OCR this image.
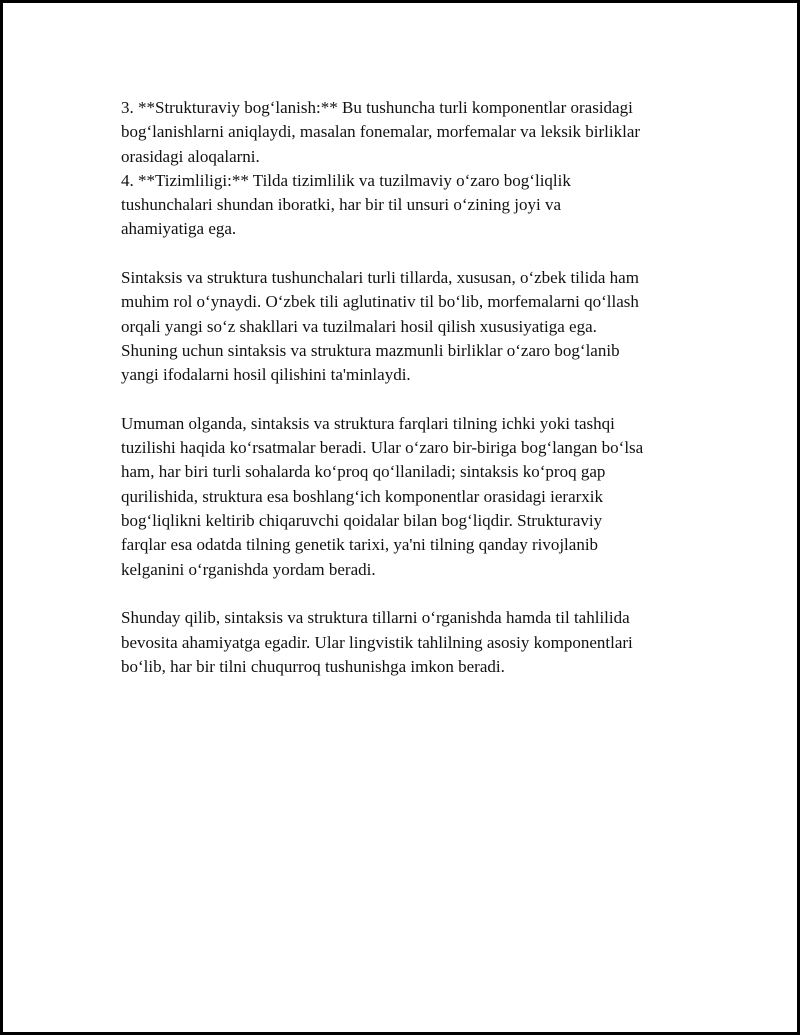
3. **Strukturaviy bog‘lanish:** Bu tushuncha turli komponentlar orasidagi
bog‘lanishlarni aniqlaydi, masalan fonemalar, morfemalar va leksik birliklar
orasidagi aloqalarni.
4. **Tizimliligi:** Tilda tizimlilik va tuzilmaviy o‘zaro bog‘liqlik
tushunchalari shundan iboratki, har bir til unsuri o‘zining joyi va
ahamiyatiga ega.

Sintaksis va struktura tushunchalari turli tillarda, xususan, o‘zbek tilida ham
muhim rol o‘ynaydi. O‘zbek tili aglutinativ til bo‘lib, morfemalarni qo‘llash
orqali yangi so‘z shakllari va tuzilmalari hosil qilish xususiyatiga ega.
Shuning uchun sintaksis va struktura mazmunli birliklar o‘zaro bog‘lanib
yangi ifodalarni hosil qilishini ta'minlaydi.

Umuman olganda, sintaksis va struktura farqlari tilning ichki yoki tashqi
tuzilishi haqida ko‘rsatmalar beradi. Ular o‘zaro bir-biriga bog‘langan bo‘lsa
ham, har biri turli sohalarda ko‘proq qo‘llaniladi; sintaksis ko‘proq gap
qurilishida, struktura esa boshlang‘ich komponentlar orasidagi ierarxik
bog‘liqlikni keltirib chiqaruvchi qoidalar bilan bog‘liqdir. Strukturaviy
farqlar esa odatda tilning genetik tarixi, ya'ni tilning qanday rivojlanib
kelganini o‘rganishda yordam beradi.

Shunday qilib, sintaksis va struktura tillarni o‘rganishda hamda til tahlilida
bevosita ahamiyatga egadir. Ular lingvistik tahlilning asosiy komponentlari
bo‘lib, har bir tilni chuqurroq tushunishga imkon beradi.
